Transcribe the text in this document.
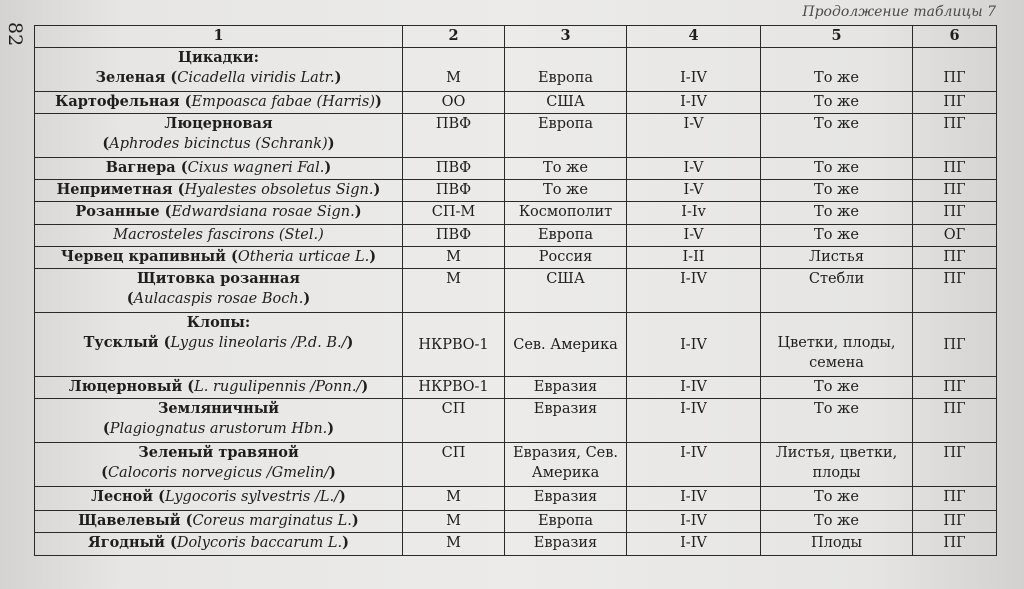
82
Продолжение таблицы 7
1	2	3	4	5	6

Цикадки:
Зеленая (Cicadella viridis Latr.)	М	Европа	I-IV	То же	ПГ

Картофельная (Empoasca fabae (Harris))	ОО	США	I-IV	То же	ПГ

Люцерновая
(Aphrodes bicinctus (Schrank))	ПВФ	Европа	I-V	То же	ПГ

Вагнера (Cixus wagneri Fal.)	ПВФ	То же	I-V	То же	ПГ

Неприметная (Hyalestes obsoletus Sign.)	ПВФ	То же	I-V	То же	ПГ

Розанные (Edwardsiana rosae Sign.)	СП-М	Космополит	I-Iv	То же	ПГ

Macrosteles fascirons (Stel.)	ПВФ	Европа	I-V	То же	ОГ

Червец крапивный (Otheria urticae L.)	М	Россия	I-II	Листья	ПГ

Щитовка розанная
(Aulacaspis rosae Boch.)	М	США	I-IV	Стебли	ПГ

Клопы:
Тусклый (Lygus lineolaris /P.d. B./)	НКРВО-1	Сев. Америка	I-IV	Цветки, плоды, семена	ПГ

Люцерновый (L. rugulipennis /Ponn./)	НКРВО-1	Евразия	I-IV	То же	ПГ

Земляничный
(Plagiognatus arustorum Hbn.)	СП	Евразия	I-IV	То же	ПГ

Зеленый травяной
(Calocoris norvegicus /Gmelin/)	СП	Евразия, Сев. Америка	I-IV	Листья, цветки, плоды	ПГ

Лесной (Lygocoris sylvestris /L./)	М	Евразия	I-IV	То же	ПГ

Щавелевый (Coreus marginatus L.)	М	Европа	I-IV	То же	ПГ

Ягодный (Dolycoris baccarum L.)	М	Евразия	I-IV	Плоды	ПГ
